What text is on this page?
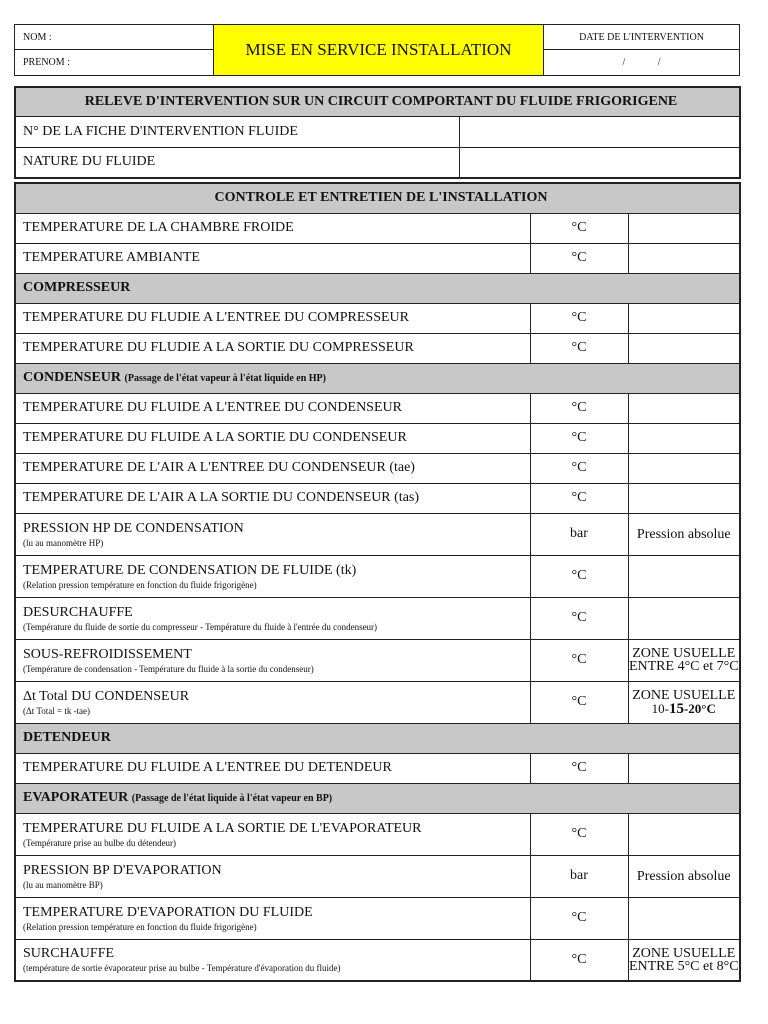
NOM :	MISE EN SERVICE INSTALLATION	DATE DE L'INTERVENTION
PRENOM :		/ /
RELEVE D'INTERVENTION SUR UN CIRCUIT COMPORTANT DU FLUIDE FRIGORIGENE	
N° DE LA FICHE D'INTERVENTION FLUIDE	
NATURE DU FLUIDE	
CONTROLE ET ENTRETIEN DE L'INSTALLATION		
TEMPERATURE DE LA CHAMBRE FROIDE	°C	
TEMPERATURE AMBIANTE	°C	
COMPRESSEUR		
TEMPERATURE DU FLUDIE A L'ENTREE DU COMPRESSEUR	°C	
TEMPERATURE DU FLUDIE A LA SORTIE DU COMPRESSEUR	°C	
CONDENSEUR (Passage de l'état vapeur à l'état liquide en HP)		
TEMPERATURE DU FLUIDE A L'ENTREE DU CONDENSEUR	°C	
TEMPERATURE DU FLUIDE A LA SORTIE DU CONDENSEUR	°C	
TEMPERATURE DE L'AIR A L'ENTREE DU CONDENSEUR (tae)	°C	
TEMPERATURE DE L'AIR A LA SORTIE DU CONDENSEUR (tas)	°C	
PRESSION HP DE CONDENSATION
(lu au manomètre HP)	bar	Pression absolue
TEMPERATURE DE CONDENSATION DE FLUIDE (tk)
(Relation pression température en fonction du fluide frigorigène)	°C	
DESURCHAUFFE
(Température du fluide de sortie du compresseur - Température du fluide à l'entrée du condenseur)	°C	
SOUS-REFROIDISSEMENT
(Température de condensation - Température du fluide à la sortie du condenseur)	°C	ZONE USUELLE
ENTRE 4°C et 7°C
Δt Total DU CONDENSEUR
(Δt Total = tk -tae)	°C	ZONE USUELLE
10-15-20°C
DETENDEUR		
TEMPERATURE DU FLUIDE A L'ENTREE DU DETENDEUR	°C	
EVAPORATEUR (Passage de l'état liquide à l'état vapeur en BP)		
TEMPERATURE DU FLUIDE A LA SORTIE DE L'EVAPORATEUR
(Température prise au bulbe du détendeur)	°C	
PRESSION BP D'EVAPORATION
(lu au manomètre BP)	bar	Pression absolue
TEMPERATURE D'EVAPORATION DU FLUIDE
(Relation pression température en fonction du fluide frigorigène)	°C	
SURCHAUFFE
(température de sortie évaporateur prise au bulbe - Température d'évaporation du fluide)	°C	ZONE USUELLE
ENTRE 5°C et 8°C
